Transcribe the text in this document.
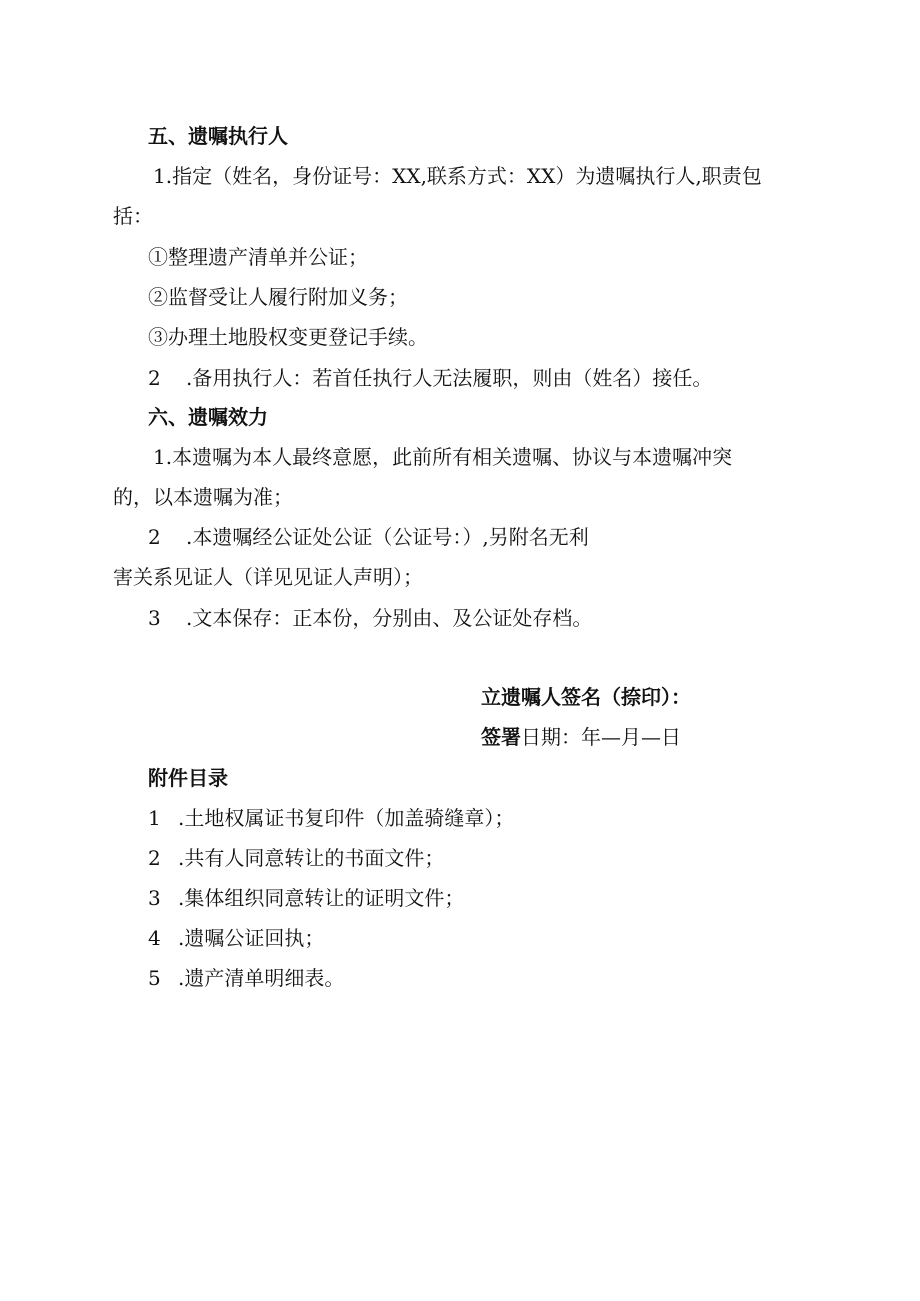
五、遗嘱执行人
1.指定（姓名，身份证号：XX,联系方式：XX）为遗嘱执行人,职责包
括：
①整理遗产清单并公证；
②监督受让人履行附加义务；
③办理土地股权变更登记手续。
2 .备用执行人：若首任执行人无法履职，则由（姓名）接任。
六、遗嘱效力
1.本遗嘱为本人最终意愿，此前所有相关遗嘱、协议与本遗嘱冲突
的，以本遗嘱为准；
2 .本遗嘱经公证处公证（公证号：）,另附名无利
害关系见证人（详见见证人声明）；
3 .文本保存：正本份，分别由、及公证处存档。
立遗嘱人签名（捺印）：
签署日期：年—月—日
附件目录
1 .土地权属证书复印件（加盖骑缝章）；
2 .共有人同意转让的书面文件；
3 .集体组织同意转让的证明文件；
4 .遗嘱公证回执；
5 .遗产清单明细表。
